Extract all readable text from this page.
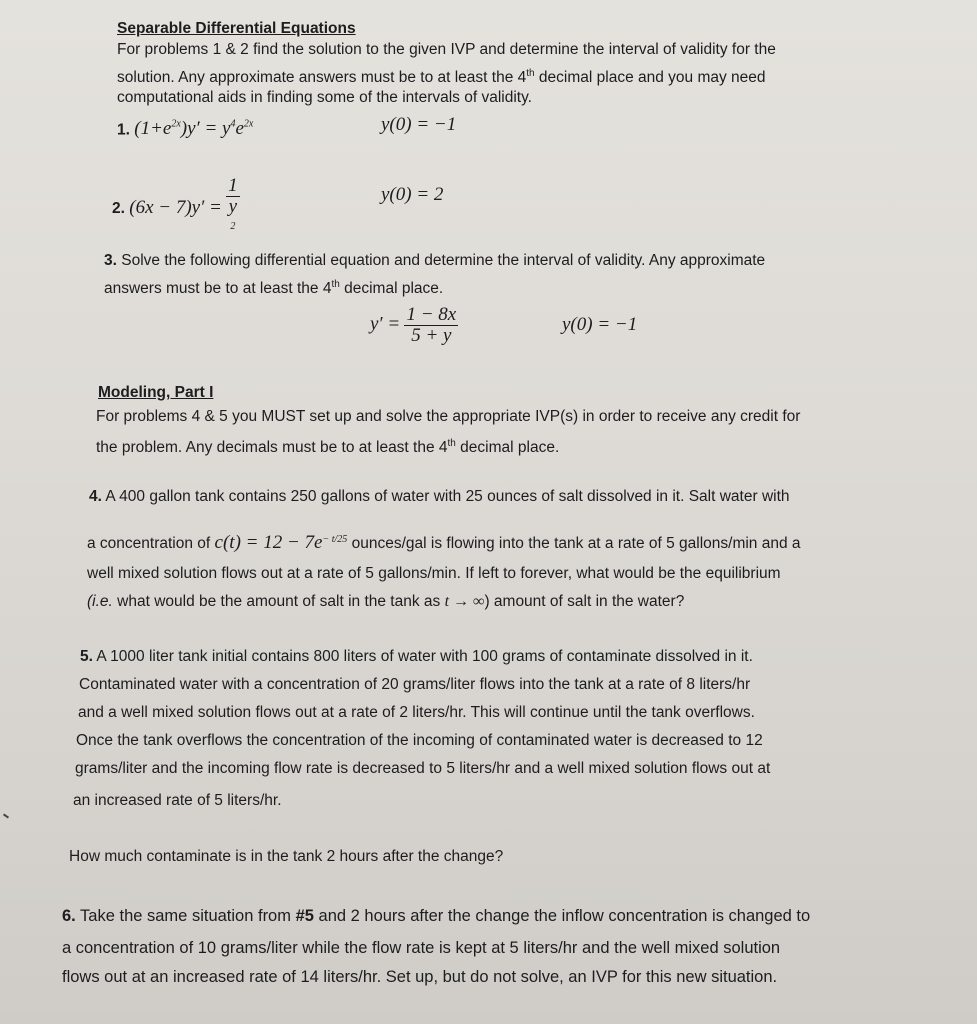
Separable Differential Equations
For problems 1 & 2 find the solution to the given IVP and determine the interval of validity for the
solution. Any approximate answers must be to at least the 4th decimal place and you may need
computational aids in finding some of the intervals of validity.
1. $(1+e^{2x})y' = y^4e^{2x}$	y(0) = −1
2. (6x − 7)y′ = 1
y
$^2$	y(0) = 2
3. Solve the following differential equation and determine the interval of validity. Any approximate
answers must be to at least the 4th decimal place.
$y' = \frac{1 - 8x}{5 + y}$	y(0) = −1
Modeling, Part I
For problems 4 & 5 you MUST set up and solve the appropriate IVP(s) in order to receive any credit for
the problem. Any decimals must be to at least the 4th decimal place.
4. A 400 gallon tank contains 250 gallons of water with 25 ounces of salt dissolved in it. Salt water with
a concentration of $c(t) = 12 - 7e^{- t/25}$ ounces/gal is flowing into the tank at a rate of 5 gallons/min and a
well mixed solution flows out at a rate of 5 gallons/min. If left to forever, what would be the equilibrium
(i.e. what would be the amount of salt in the tank as t → ∞) amount of salt in the water?
5. A 1000 liter tank initial contains 800 liters of water with 100 grams of contaminate dissolved in it.
Contaminated water with a concentration of 20 grams/liter flows into the tank at a rate of 8 liters/hr
and a well mixed solution flows out at a rate of 2 liters/hr. This will continue until the tank overflows.
Once the tank overflows the concentration of the incoming of contaminated water is decreased to 12
grams/liter and the incoming flow rate is decreased to 5 liters/hr and a well mixed solution flows out at
an increased rate of 5 liters/hr.
How much contaminate is in the tank 2 hours after the change?
6. Take the same situation from #5 and 2 hours after the change the inflow concentration is changed to
a concentration of 10 grams/liter while the flow rate is kept at 5 liters/hr and the well mixed solution
flows out at an increased rate of 14 liters/hr. Set up, but do not solve, an IVP for this new situation.
